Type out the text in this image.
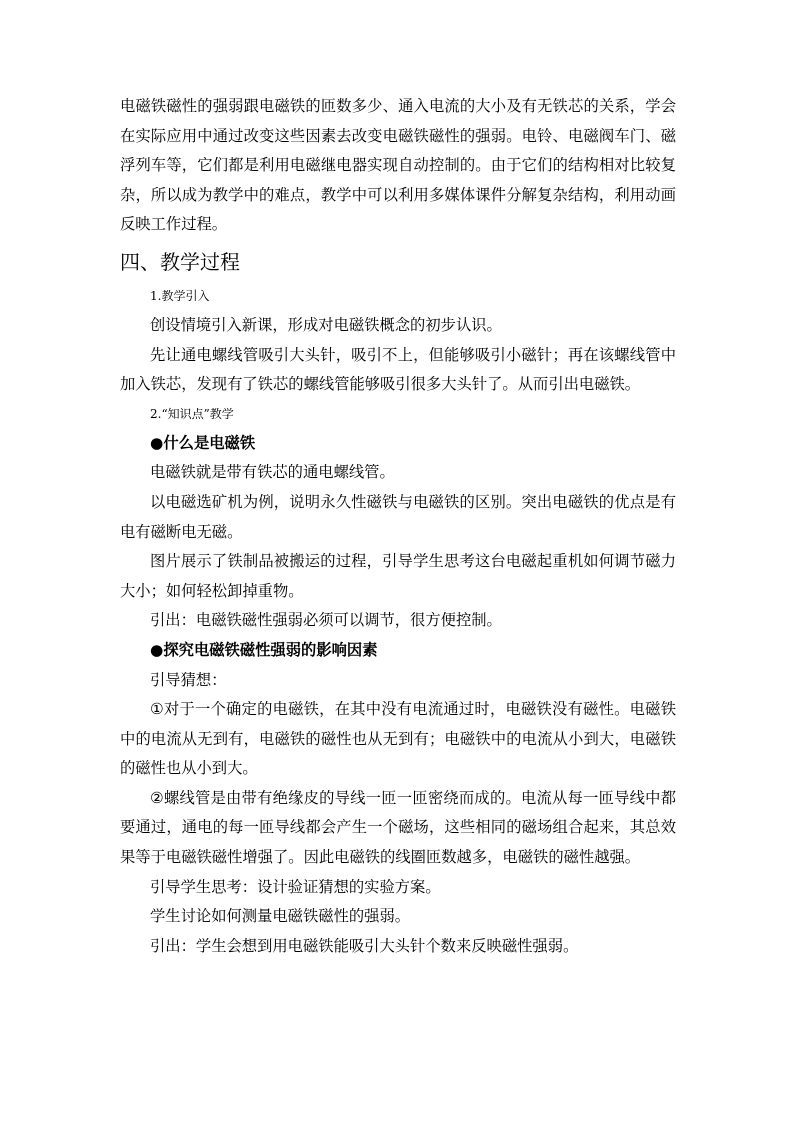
电磁铁磁性的强弱跟电磁铁的匝数多少、通入电流的大小及有无铁芯的关系，学会在实际应用中通过改变这些因素去改变电磁铁磁性的强弱。电铃、电磁阀车门、磁浮列车等，它们都是利用电磁继电器实现自动控制的。由于它们的结构相对比较复杂，所以成为教学中的难点，教学中可以利用多媒体课件分解复杂结构，利用动画反映工作过程。

四、教学过程

1.教学引入

创设情境引入新课，形成对电磁铁概念的初步认识。

先让通电螺线管吸引大头针，吸引不上，但能够吸引小磁针；再在该螺线管中加入铁芯，发现有了铁芯的螺线管能够吸引很多大头针了。从而引出电磁铁。

2.“知识点”教学

●什么是电磁铁

电磁铁就是带有铁芯的通电螺线管。

以电磁选矿机为例，说明永久性磁铁与电磁铁的区别。突出电磁铁的优点是有电有磁断电无磁。

图片展示了铁制品被搬运的过程，引导学生思考这台电磁起重机如何调节磁力大小；如何轻松卸掉重物。

引出：电磁铁磁性强弱必须可以调节，很方便控制。

●探究电磁铁磁性强弱的影响因素

引导猜想：

①对于一个确定的电磁铁，在其中没有电流通过时，电磁铁没有磁性。电磁铁中的电流从无到有，电磁铁的磁性也从无到有；电磁铁中的电流从小到大，电磁铁的磁性也从小到大。

②螺线管是由带有绝缘皮的导线一匝一匝密绕而成的。电流从每一匝导线中都要通过，通电的每一匝导线都会产生一个磁场，这些相同的磁场组合起来，其总效果等于电磁铁磁性增强了。因此电磁铁的线圈匝数越多，电磁铁的磁性越强。

引导学生思考：设计验证猜想的实验方案。

学生讨论如何测量电磁铁磁性的强弱。

引出：学生会想到用电磁铁能吸引大头针个数来反映磁性强弱。
